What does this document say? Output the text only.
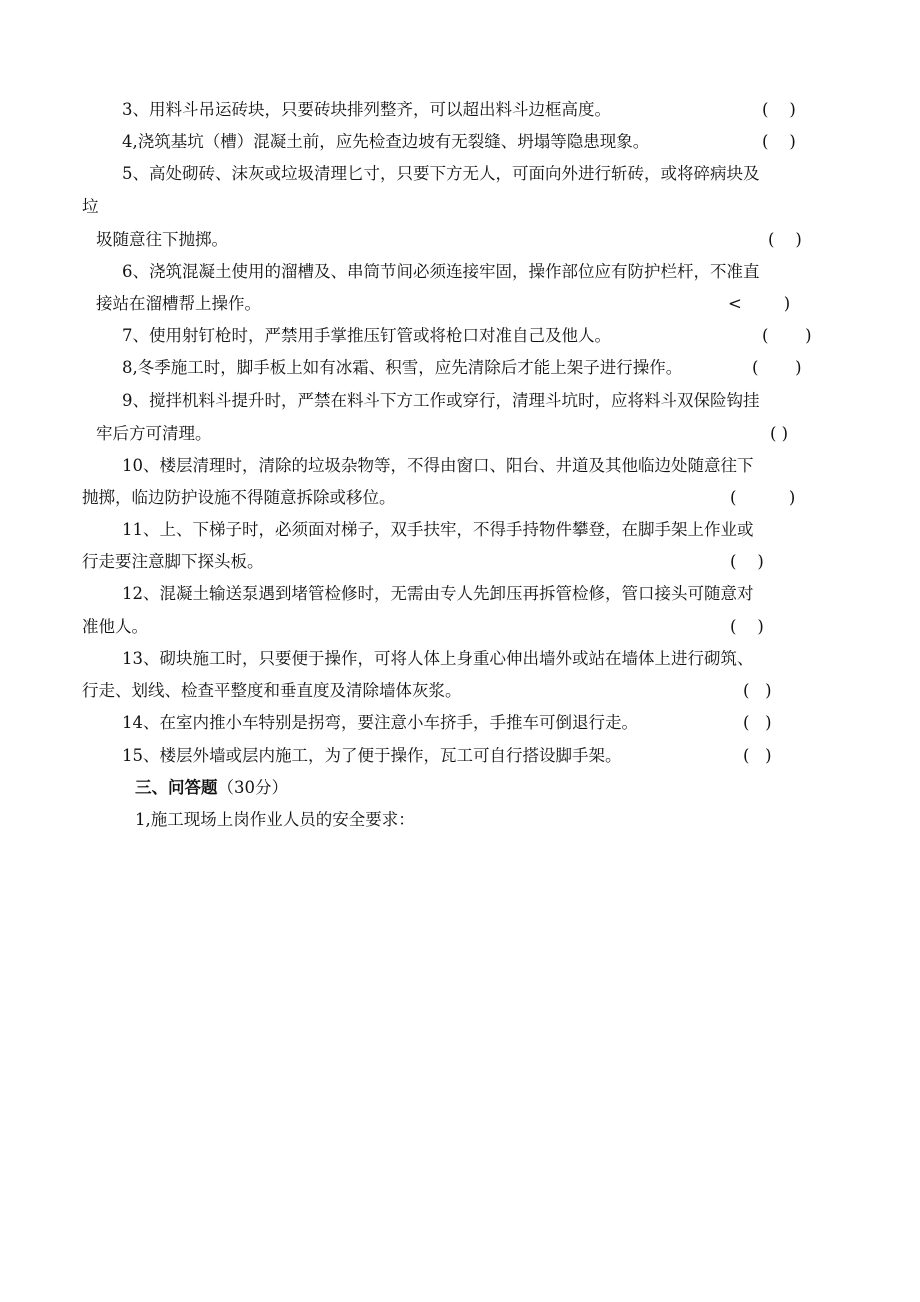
3、用料斗吊运砖块，只要砖块排列整齐，可以超出料斗边框高度。	(    )
4,浇筑基坑（槽）混凝土前，应先检查边坡有无裂缝、坍塌等隐患现象。	(    )
5、高处砌砖、沫灰或垃圾清理匕寸，只要下方无人，可面向外进行斩砖，或将碎病块及
垃
圾随意往下抛掷。	(    )
6、浇筑混凝土使用的溜槽及、串筒节间必须连接牢固，操作部位应有防护栏杆，不准直
接站在溜槽帮上操作。	<        )
7、使用射钉枪时，严禁用手掌推压钉管或将枪口对准自己及他人。	(       )
8,冬季施工时，脚手板上如有冰霜、积雪，应先清除后才能上架子进行操作。	(       )
9、搅拌机料斗提升时，严禁在料斗下方工作或穿行，清理斗坑时，应将料斗双保险钩挂
牢后方可清理。	( )
10、楼层清理时，清除的垃圾杂物等，不得由窗口、阳台、井道及其他临边处随意往下
抛掷，临边防护设施不得随意拆除或移位。	(          )
11、上、下梯子时，必须面对梯子，双手扶牢，不得手持物件攀登，在脚手架上作业或
行走要注意脚下探头板。	(    )
12、混凝土输送泵遇到堵管检修时，无需由专人先卸压再拆管检修，管口接头可随意对
准他人。	(    )
13、砌块施工时，只要便于操作，可将人体上身重心伸出墙外或站在墙体上进行砌筑、
行走、划线、检查平整度和垂直度及清除墙体灰浆。	(   )
14、在室内推小车特别是拐弯，要注意小车挤手，手推车可倒退行走。	(   )
15、楼层外墙或层内施工，为了便于操作，瓦工可自行搭设脚手架。	(   )
三、问答题（30分）
1,施工现场上岗作业人员的安全要求：
